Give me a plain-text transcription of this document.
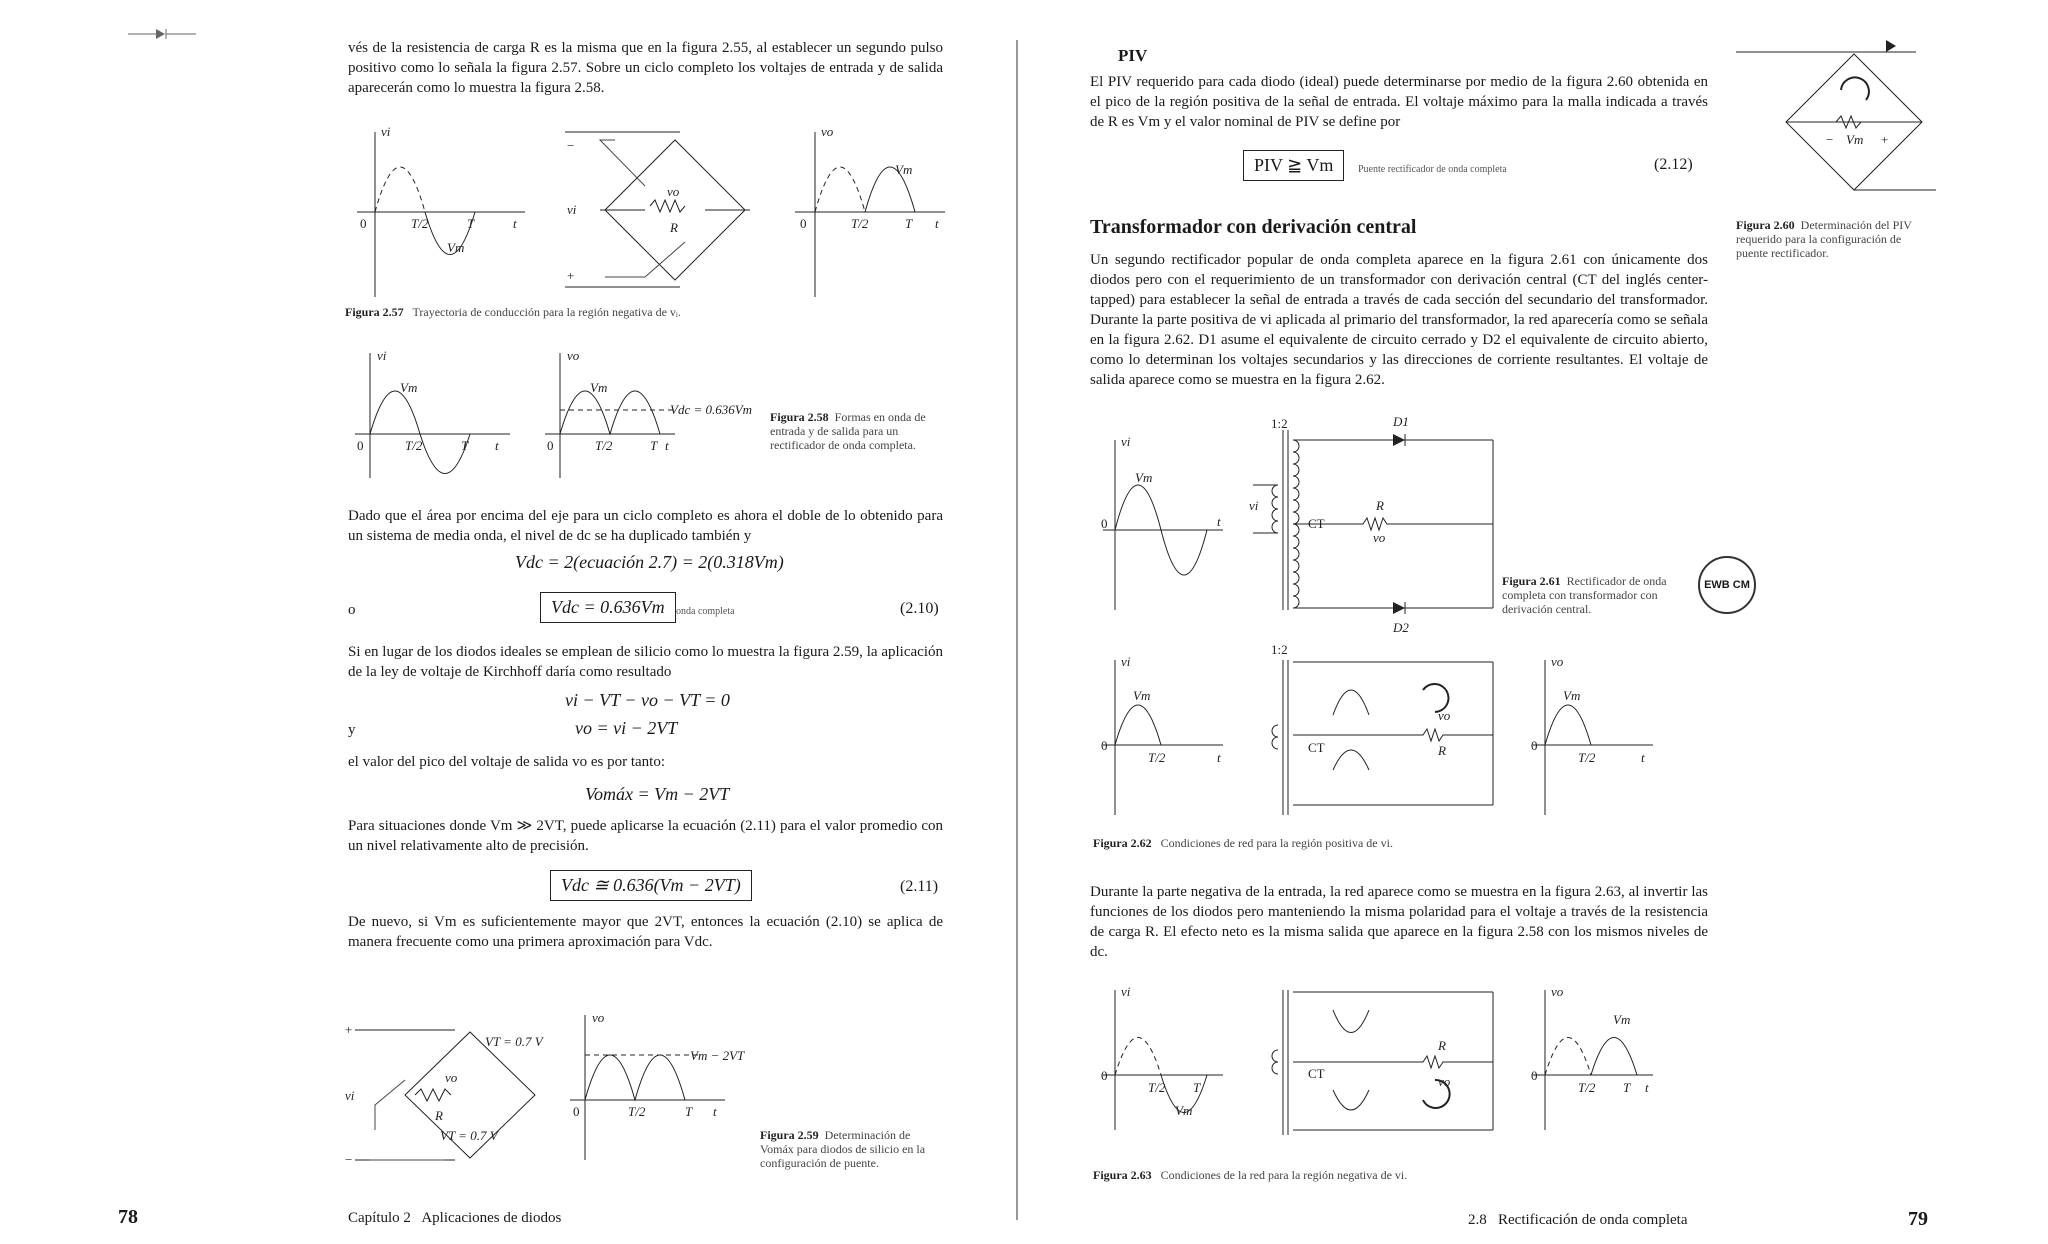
vés de la resistencia de carga R es la misma que en la figura 2.55, al establecer un segundo pulso positivo como lo señala la figura 2.57. Sobre un ciclo completo los voltajes de entrada y de salida aparecerán como lo muestra la figura 2.58.

0
vi
T/2	T	t
Vm
−
+
vi
R
vo
vo
0	T/2	T t
Vm
Figura 2.57 Trayectoria de conducción para la región negativa de vᵢ.
vi
Vm
0	T/2	T t
vo
Vm
Vdc = 0.636Vm
0	T/2	T t
Figura 2.58 Formas en onda de entrada y de salida para un rectificador de onda completa.

Dado que el área por encima del eje para un ciclo completo es ahora el doble de lo obtenido para un sistema de media onda, el nivel de dc se ha duplicado también y

Vdc = 2(ecuación 2.7) = 2(0.318Vm)
o	Vdc = 0.636Vm	onda completa	(2.10)

Si en lugar de los diodos ideales se emplean de silicio como lo muestra la figura 2.59, la aplicación de la ley de voltaje de Kirchhoff daría como resultado

vi − VT − vo − VT = 0
y	vo = vi − 2VT

el valor del pico del voltaje de salida vo es por tanto:

Vomáx = Vm − 2VT

Para situaciones donde Vm ≫ 2VT, puede aplicarse la ecuación (2.11) para el valor promedio con un nivel relativamente alto de precisión.

Vdc ≅ 0.636(Vm − 2VT)	(2.11)

De nuevo, si Vm es suficientemente mayor que 2VT, entonces la ecuación (2.10) se aplica de manera frecuente como una primera aproximación para Vdc.

+
−
vi
R
vo
VT = 0.7 V
VT = 0.7 V
vo
Vm − 2VT
0	T/2	T t
Figura 2.59 Determinación de Vomáx para diodos de silicio en la configuración de puente.
78	Capítulo 2   Aplicaciones de diodos
PIV

El PIV requerido para cada diodo (ideal) puede determinarse por medio de la figura 2.60 obtenida en el pico de la región positiva de la señal de entrada. El voltaje máximo para la malla indicada a través de R es Vm y el valor nominal de PIV se define por

PIV ≧ Vm	Puente rectificador de onda completa	(2.12)
− Vm +
Figura 2.60 Determinación del PIV requerido para la configuración de puente rectificador.
Transformador con derivación central

Un segundo rectificador popular de onda completa aparece en la figura 2.61 con únicamente dos diodos pero con el requerimiento de un transformador con derivación central (CT del inglés center-tapped) para establecer la señal de entrada a través de cada sección del secundario del transformador. Durante la parte positiva de vi aplicada al primario del transformador, la red aparecería como se señala en la figura 2.62. D1 asume el equivalente de circuito cerrado y D2 el equivalente de circuito abierto, como lo determinan los voltajes secundarios y las direcciones de corriente resultantes. El voltaje de salida aparece como se muestra en la figura 2.62.

vi
Vm
0	t
1:2	D1
D2
CT
R
vo
vi
Figura 2.61 Rectificador de onda completa con transformador con derivación central.
EWB CM
vi
Vm
0
T/2	t
1:2
CT	R
vo
vo
Vm
0
T/2	t
Figura 2.62 Condiciones de red para la región positiva de vi.

Durante la parte negativa de la entrada, la red aparece como se muestra en la figura 2.63, al invertir las funciones de los diodos pero manteniendo la misma polaridad para el voltaje a través de la resistencia de carga R. El efecto neto es la misma salida que aparece en la figura 2.58 con los mismos niveles de dc.

vi
0
T/2 T
Vm
CT
R
vo
vo
Vm
0
T/2 T t
Figura 2.63 Condiciones de la red para la región negativa de vi.
2.8   Rectificación de onda completa	79
